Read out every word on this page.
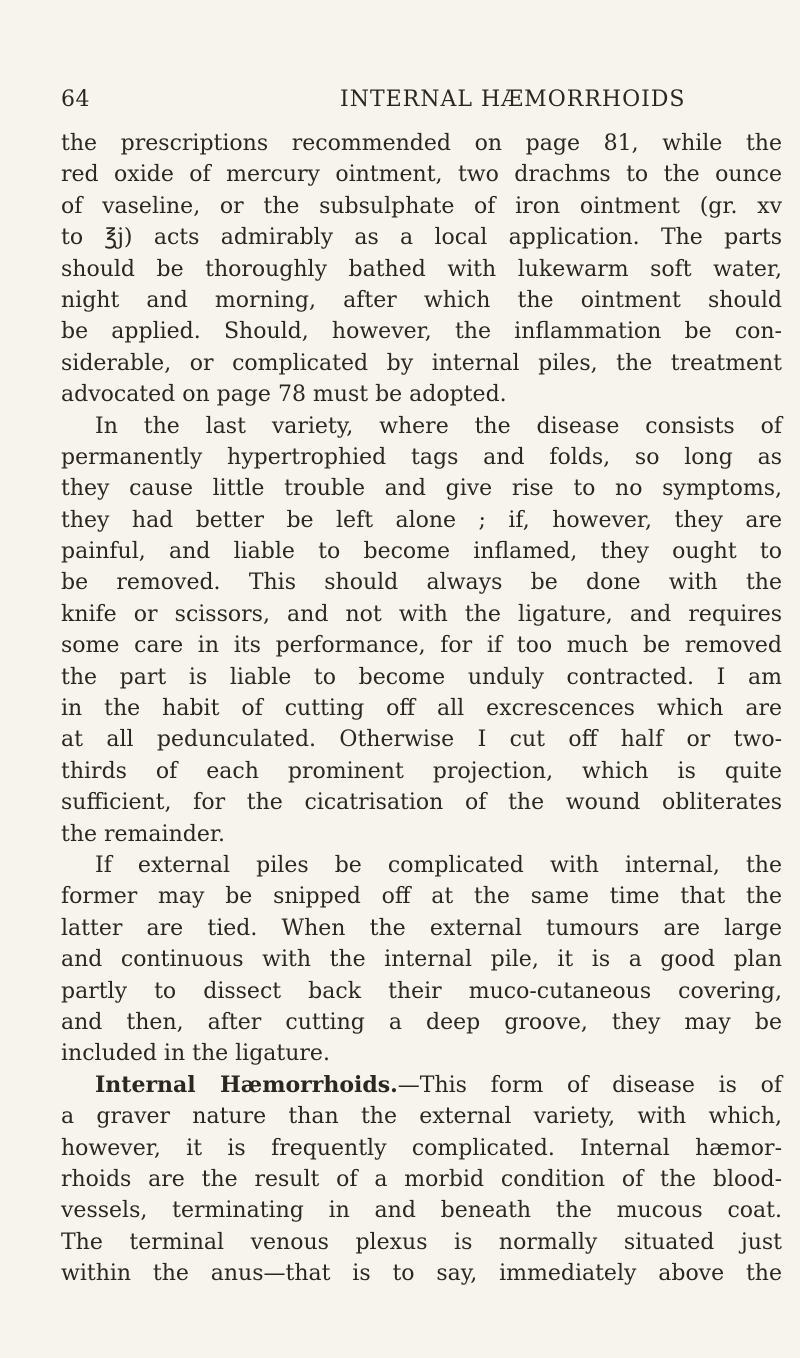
64	INTERNAL HÆMORRHOIDS
the prescriptions recommended on page 81, while the
red oxide of mercury ointment, two drachms to the ounce
of vaseline, or the subsulphate of iron ointment (gr. xv
to ℥j) acts admirably as a local application. The parts
should be thoroughly bathed with lukewarm soft water,
night and morning, after which the ointment should
be applied. Should, however, the inflammation be con-
siderable, or complicated by internal piles, the treatment
advocated on page 78 must be adopted.
In the last variety, where the disease consists of
permanently hypertrophied tags and folds, so long as
they cause little trouble and give rise to no symptoms,
they had better be left alone ; if, however, they are
painful, and liable to become inflamed, they ought to
be removed. This should always be done with the
knife or scissors, and not with the ligature, and requires
some care in its performance, for if too much be removed
the part is liable to become unduly contracted. I am
in the habit of cutting off all excrescences which are
at all pedunculated. Otherwise I cut off half or two-
thirds of each prominent projection, which is quite
sufficient, for the cicatrisation of the wound obliterates
the remainder.
If external piles be complicated with internal, the
former may be snipped off at the same time that the
latter are tied. When the external tumours are large
and continuous with the internal pile, it is a good plan
partly to dissect back their muco-cutaneous covering,
and then, after cutting a deep groove, they may be
included in the ligature.
Internal Hæmorrhoids.—This form of disease is of
a graver nature than the external variety, with which,
however, it is frequently complicated. Internal hæmor-
rhoids are the result of a morbid condition of the blood-
vessels, terminating in and beneath the mucous coat.
The terminal venous plexus is normally situated just
within the anus—that is to say, immediately above the
